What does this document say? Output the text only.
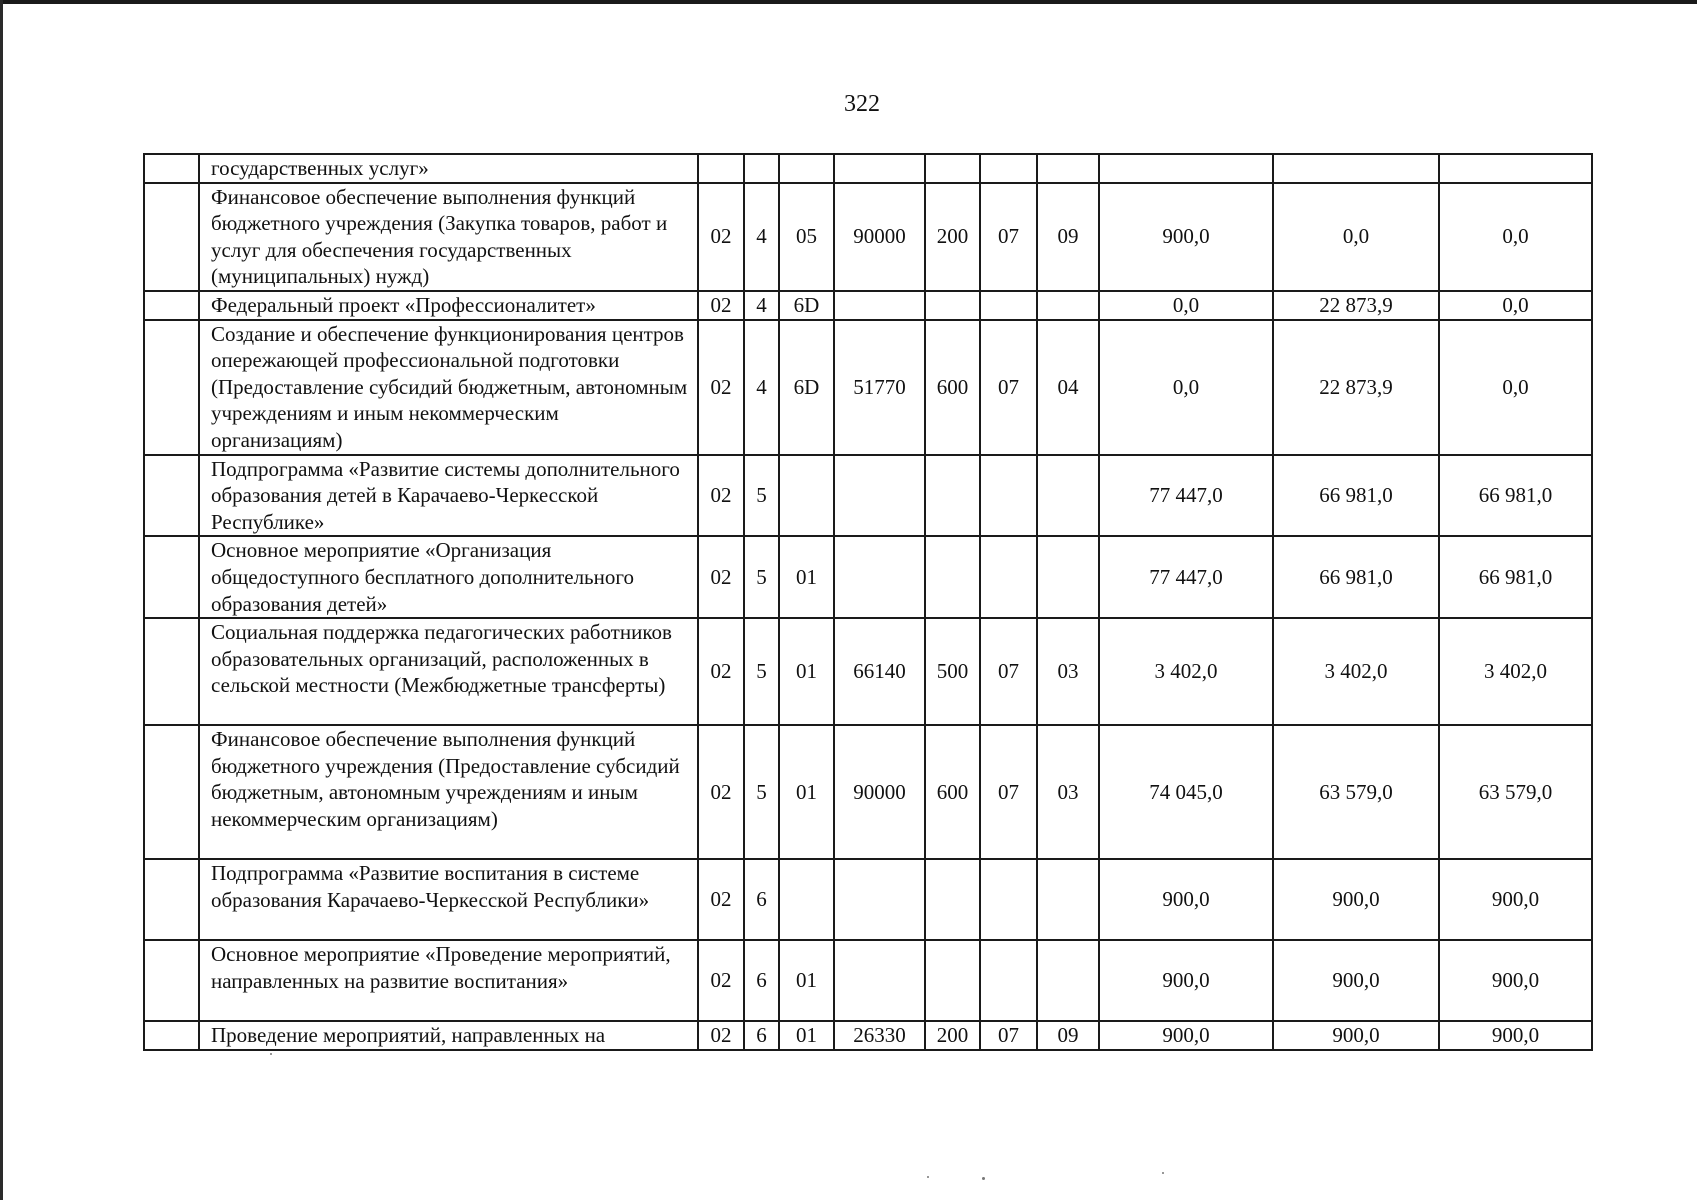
322
	государственных услуг»										
	Финансовое обеспечение выполнения функций бюджетного учреждения (Закупка товаров, работ и услуг для обеспечения государственных (муниципальных) нужд)	02	4	05	90000	200	07	09	900,0	0,0	0,0
	Федеральный проект «Профессионалитет»	02	4	6D					0,0	22 873,9	0,0
	Создание и обеспечение функционирования центров опережающей профессиональной подготовки (Предоставление субсидий бюджетным, автономным учреждениям и иным некоммерческим организациям)	02	4	6D	51770	600	07	04	0,0	22 873,9	0,0
	Подпрограмма «Развитие системы дополнительного образования детей в Карачаево-Черкесской Республике»	02	5						77 447,0	66 981,0	66 981,0
	Основное мероприятие «Организация общедоступного бесплатного дополнительного образования детей»	02	5	01					77 447,0	66 981,0	66 981,0
	Социальная поддержка педагогических работников образовательных организаций, расположенных в сельской местности (Межбюджетные трансферты)	02	5	01	66140	500	07	03	3 402,0	3 402,0	3 402,0
	Финансовое обеспечение выполнения функций бюджетного учреждения (Предоставление субсидий бюджетным, автономным учреждениям и иным некоммерческим организациям)	02	5	01	90000	600	07	03	74 045,0	63 579,0	63 579,0
	Подпрограмма «Развитие воспитания в системе образования Карачаево-Черкесской Республики»	02	6						900,0	900,0	900,0
	Основное мероприятие «Проведение мероприятий, направленных на развитие воспитания»	02	6	01					900,0	900,0	900,0
	Проведение мероприятий, направленных на	02	6	01	26330	200	07	09	900,0	900,0	900,0
